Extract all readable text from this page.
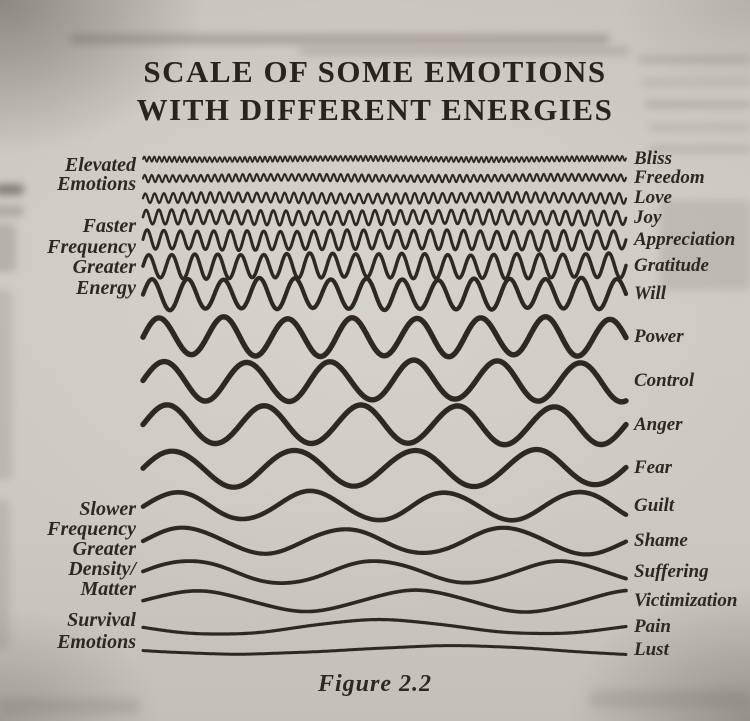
SCALE OF SOME EMOTIONS
WITH DIFFERENT ENERGIES
Elevated
Emotions
Faster
Frequency
Greater
Energy
Slower
Frequency
Greater
Density/
Matter
Survival
Emotions
Bliss
Freedom
Love
Joy
Appreciation
Gratitude
Will
Power
Control
Anger
Fear
Guilt
Shame
Suffering
Victimization
Pain
Lust
Figure 2.2
